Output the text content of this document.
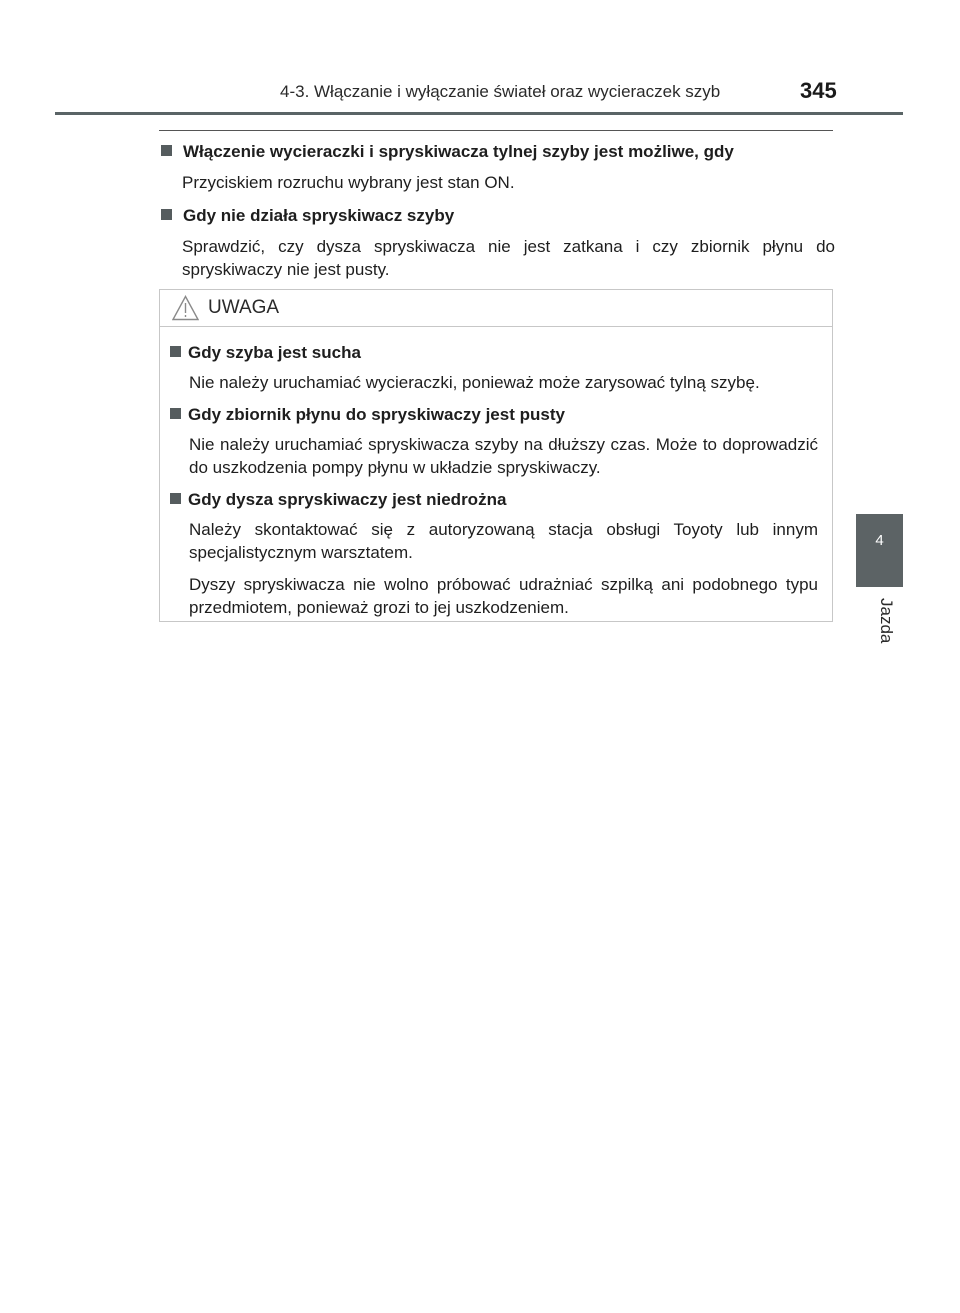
4-3. Włączanie i wyłączanie świateł oraz wycieraczek szyb	345
4
Jazda

Włączenie wycieraczki i spryskiwacza tylnej szyby jest możliwe, gdy

Przyciskiem rozruchu wybrany jest stan ON.

Gdy nie działa spryskiwacz szyby

Sprawdzić, czy dysza spryskiwacza nie jest zatkana i czy zbiornik płynu do spryskiwaczy nie jest pusty.

UWAGA

Gdy szyba jest sucha

Nie należy uruchamiać wycieraczki, ponieważ może zarysować tylną szybę.

Gdy zbiornik płynu do spryskiwaczy jest pusty

Nie należy uruchamiać spryskiwacza szyby na dłuższy czas. Może to doprowadzić do uszkodzenia pompy płynu w układzie spryskiwaczy.

Gdy dysza spryskiwaczy jest niedrożna

Należy skontaktować się z autoryzowaną stacja obsługi Toyoty lub innym specjalistycznym warsztatem.

Dyszy spryskiwacza nie wolno próbować udrażniać szpilką ani podobnego typu przedmiotem, ponieważ grozi to jej uszkodzeniem.
